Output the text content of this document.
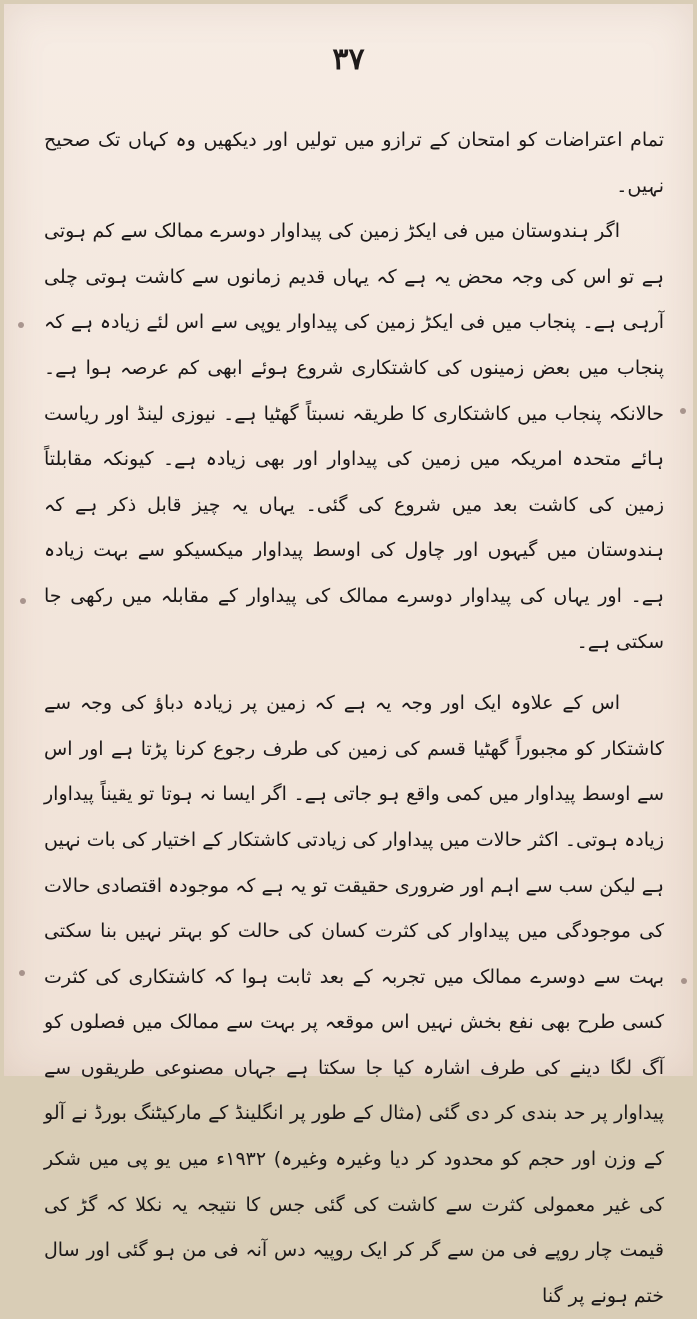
۳۷

تمام اعتراضات کو امتحان کے ترازو میں تولیں اور دیکھیں وہ کہاں تک صحیح نہیں۔

اگر ہندوستان میں فی ایکڑ زمین کی پیداوار دوسرے ممالک سے کم ہوتی ہے تو اس کی وجہ محض یہ ہے کہ یہاں قدیم زمانوں سے کاشت ہوتی چلی آرہی ہے۔ پنجاب میں فی ایکڑ زمین کی پیداوار یوپی سے اس لئے زیادہ ہے کہ پنجاب میں بعض زمینوں کی کاشتکاری شروع ہوئے ابھی کم عرصہ ہوا ہے۔ حالانکہ پنجاب میں کاشتکاری کا طریقہ نسبتاً گھٹیا ہے۔ نیوزی لینڈ اور ریاست ہائے متحدہ امریکہ میں زمین کی پیداوار اور بھی زیادہ ہے۔ کیونکہ مقابلتاً زمین کی کاشت بعد میں شروع کی گئی۔ یہاں یہ چیز قابل ذکر ہے کہ ہندوستان میں گیہوں اور چاول کی اوسط پیداوار میکسیکو سے بہت زیادہ ہے۔ اور یہاں کی پیداوار دوسرے ممالک کی پیداوار کے مقابلہ میں رکھی جا سکتی ہے۔

اس کے علاوہ ایک اور وجہ یہ ہے کہ زمین پر زیادہ دباؤ کی وجہ سے کاشتکار کو مجبوراً گھٹیا قسم کی زمین کی طرف رجوع کرنا پڑتا ہے اور اس سے اوسط پیداوار میں کمی واقع ہو جاتی ہے۔ اگر ایسا نہ ہوتا تو یقیناً پیداوار زیادہ ہوتی۔ اکثر حالات میں پیداوار کی زیادتی کاشتکار کے اختیار کی بات نہیں ہے لیکن سب سے اہم اور ضروری حقیقت تو یہ ہے کہ موجودہ اقتصادی حالات کی موجودگی میں پیداوار کی کثرت کسان کی حالت کو بہتر نہیں بنا سکتی بہت سے دوسرے ممالک میں تجربہ کے بعد ثابت ہوا کہ کاشتکاری کی کثرت کسی طرح بھی نفع بخش نہیں اس موقعہ پر بہت سے ممالک میں فصلوں کو آگ لگا دینے کی طرف اشارہ کیا جا سکتا ہے جہاں مصنوعی طریقوں سے پیداوار پر حد بندی کر دی گئی (مثال کے طور پر انگلینڈ کے مارکیٹنگ بورڈ نے آلو کے وزن اور حجم کو محدود کر دیا وغیرہ وغیرہ) ۱۹۳۲ء میں یو پی میں شکر کی غیر معمولی کثرت سے کاشت کی گئی جس کا نتیجہ یہ نکلا کہ گڑ کی قیمت چار روپے فی من سے گر کر ایک روپیہ دس آنہ فی من ہو گئی اور سال ختم ہونے پر گنا
